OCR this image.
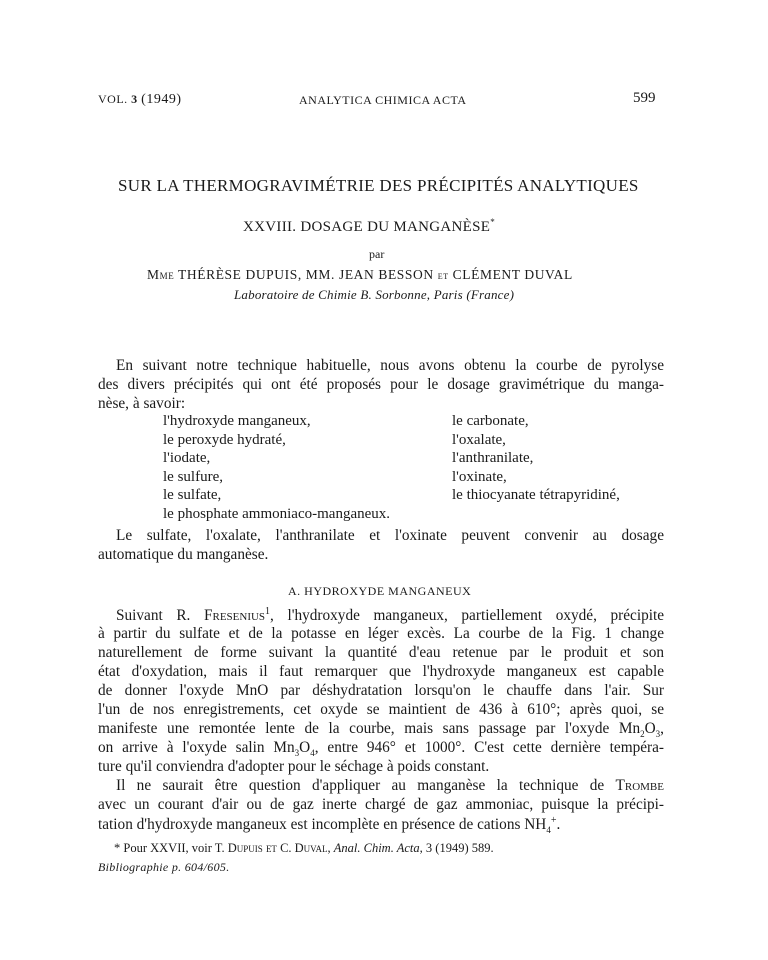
VOL. 3 (1949)	ANALYTICA CHIMICA ACTA	599
SUR LA THERMOGRAVIMÉTRIE DES PRÉCIPITÉS ANALYTIQUES
XXVIII. DOSAGE DU MANGANÈSE*
par
Mme THÉRÈSE DUPUIS, MM. JEAN BESSON et CLÉMENT DUVAL
Laboratoire de Chimie B. Sorbonne, Paris (France)
En suivant notre technique habituelle, nous avons obtenu la courbe de pyrolyse
des divers précipités qui ont été proposés pour le dosage gravimétrique du manga-
nèse, à savoir:
l'hydroxyde manganeux,
le peroxyde hydraté,
l'iodate,
le sulfure,
le sulfate,
le phosphate ammoniaco-manganeux.
le carbonate,
l'oxalate,
l'anthranilate,
l'oxinate,
le thiocyanate tétrapyridiné,
Le sulfate, l'oxalate, l'anthranilate et l'oxinate peuvent convenir au dosage
automatique du manganèse.
A. HYDROXYDE MANGANEUX
Suivant R. Fresenius$^1$, l'hydroxyde manganeux, partiellement oxydé, précipite
à partir du sulfate et de la potasse en léger excès. La courbe de la Fig. 1 change
naturellement de forme suivant la quantité d'eau retenue par le produit et son
état d'oxydation, mais il faut remarquer que l'hydroxyde manganeux est capable
de donner l'oxyde MnO par déshydratation lorsqu'on le chauffe dans l'air. Sur
l'un de nos enregistrements, cet oxyde se maintient de 436 à 610°; après quoi, se
manifeste une remontée lente de la courbe, mais sans passage par l'oxyde $Mn_2O_3$,
on arrive à l'oxyde salin $Mn_3O_4$, entre 946° et 1000°. C'est cette dernière tempéra-
ture qu'il conviendra d'adopter pour le séchage à poids constant.
Il ne saurait être question d'appliquer au manganèse la technique de Trombe
avec un courant d'air ou de gaz inerte chargé de gaz ammoniac, puisque la précipi-
tation d'hydroxyde manganeux est incomplète en présence de cations $NH_4^+$.
* Pour XXVII, voir T. Dupuis et C. Duval, Anal. Chim. Acta, 3 (1949) 589.
Bibliographie p. 604/605.
